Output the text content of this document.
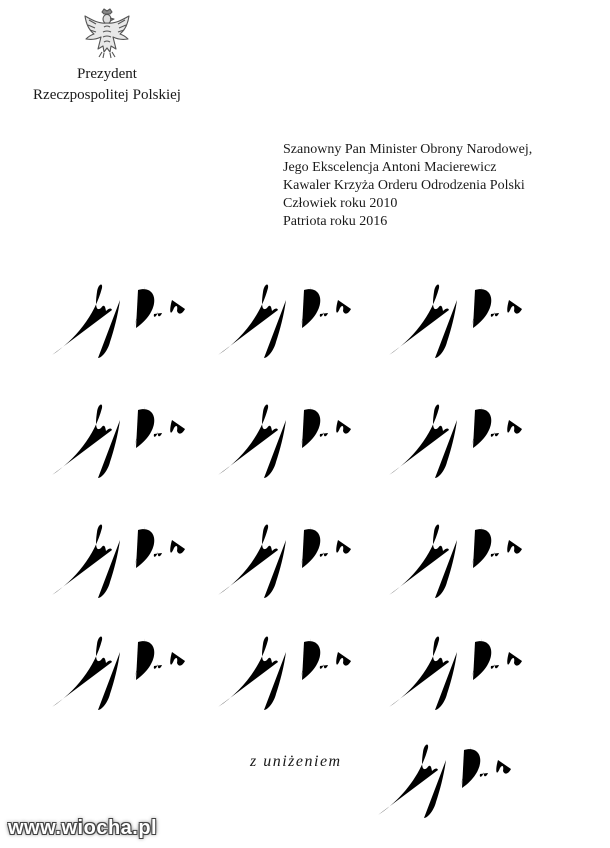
Prezydent
Rzeczpospolitej Polskiej
Szanowny Pan Minister Obrony Narodowej,
Jego Ekscelencja Antoni Macierewicz
Kawaler Krzyża Orderu Odrodzenia Polski
Człowiek roku 2010
Patriota roku 2016
z uniżeniem
www.wiocha.pl
